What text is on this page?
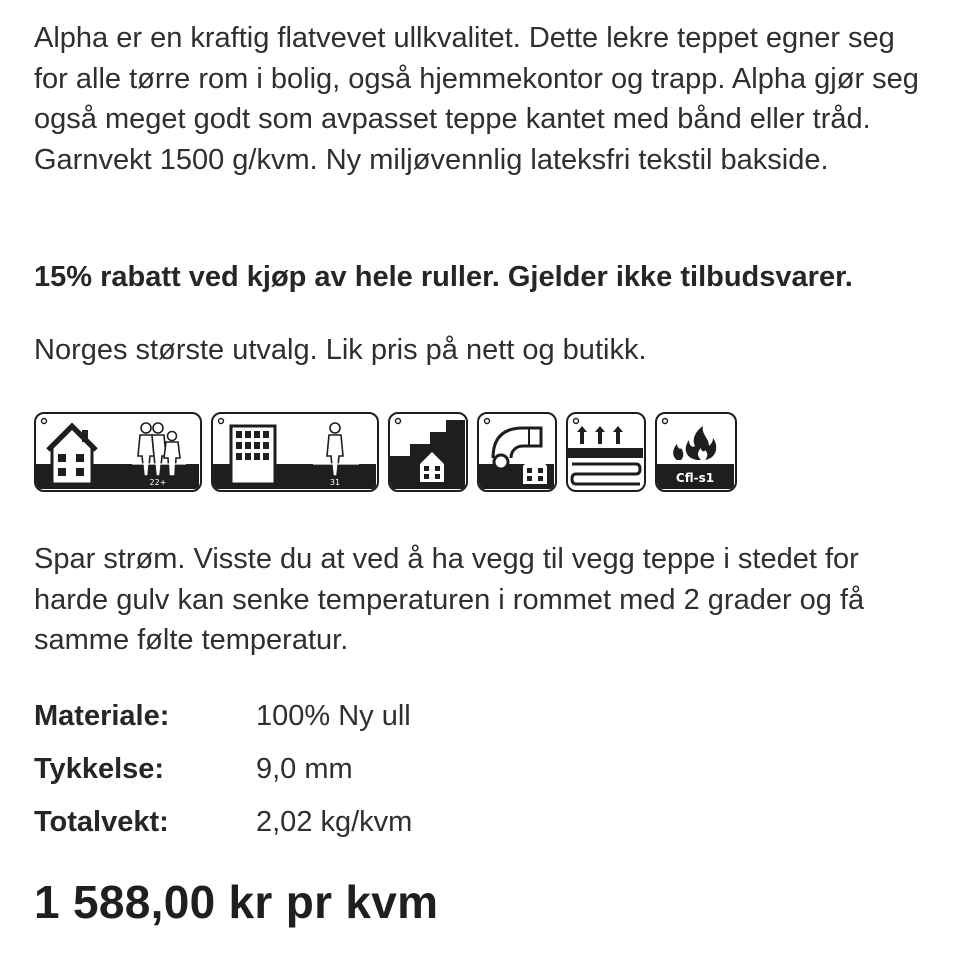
Alpha er en kraftig flatvevet ullkvalitet. Dette lekre teppet egner seg for alle tørre rom i bolig, også hjemmekontor og trapp. Alpha gjør seg også meget godt som avpasset teppe kantet med bånd eller tråd. Garnvekt 1500 g/kvm. Ny miljøvennlig lateksfri tekstil bakside.

15% rabatt ved kjøp av hele ruller. Gjelder ikke tilbudsvarer.

Norges største utvalg. Lik pris på nett og butikk.

22+	31	Cfl-s1

Spar strøm. Visste du at ved å ha vegg til vegg teppe i stedet for harde gulv kan senke temperaturen i rommet med 2 grader og få samme følte temperatur.

Materiale:	100% Ny ull
Tykkelse:	9,0 mm
Totalvekt:	2,02 kg/kvm

1 588,00 kr pr kvm
